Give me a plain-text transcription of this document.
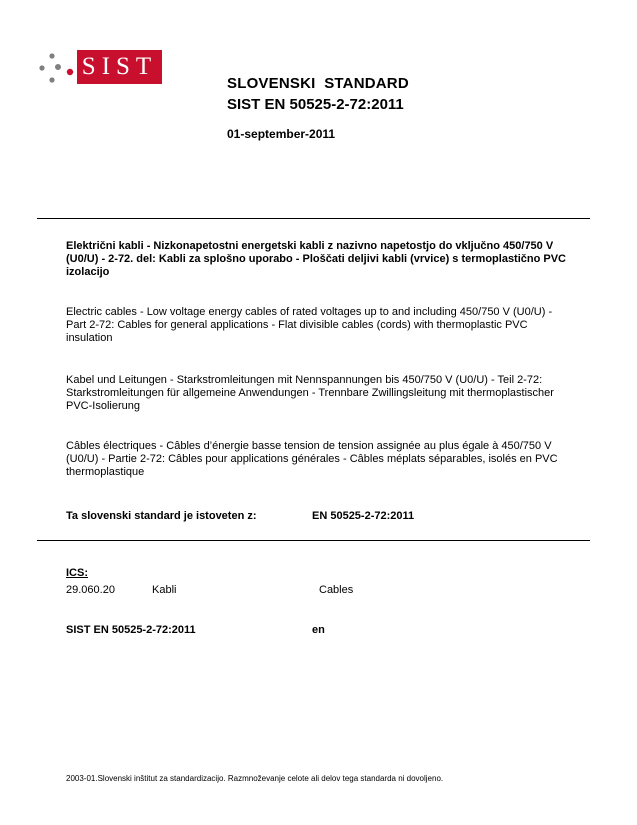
SIST
SLOVENSKI  STANDARD
SIST EN 50525-2-72:2011
01-september-2011
Električni kabli - Nizkonapetostni energetski kabli z nazivno napetostjo do vključno 450/750 V (U0/U) - 2-72. del: Kabli za splošno uporabo - Ploščati deljivi kabli (vrvice) s termoplastično PVC izolacijo
Electric cables - Low voltage energy cables of rated voltages up to and including 450/750 V (U0/U) - Part 2-72: Cables for general applications - Flat divisible cables (cords) with thermoplastic PVC insulation
Kabel und Leitungen - Starkstromleitungen mit Nennspannungen bis 450/750 V (U0/U) - Teil 2-72: Starkstromleitungen für allgemeine Anwendungen - Trennbare Zwillingsleitung mit thermoplastischer PVC-Isolierung
Câbles électriques - Câbles d’énergie basse tension de tension assignée au plus égale à 450/750 V (U0/U) - Partie 2-72: Câbles pour applications générales - Câbles méplats séparables, isolés en PVC thermoplastique
Ta slovenski standard je istoveten z:	EN 50525-2-72:2011
ICS:
29.060.20	Kabli	Cables
SIST EN 50525-2-72:2011	en
2003-01.Slovenski inštitut za standardizacijo. Razmnoževanje celote ali delov tega standarda ni dovoljeno.
